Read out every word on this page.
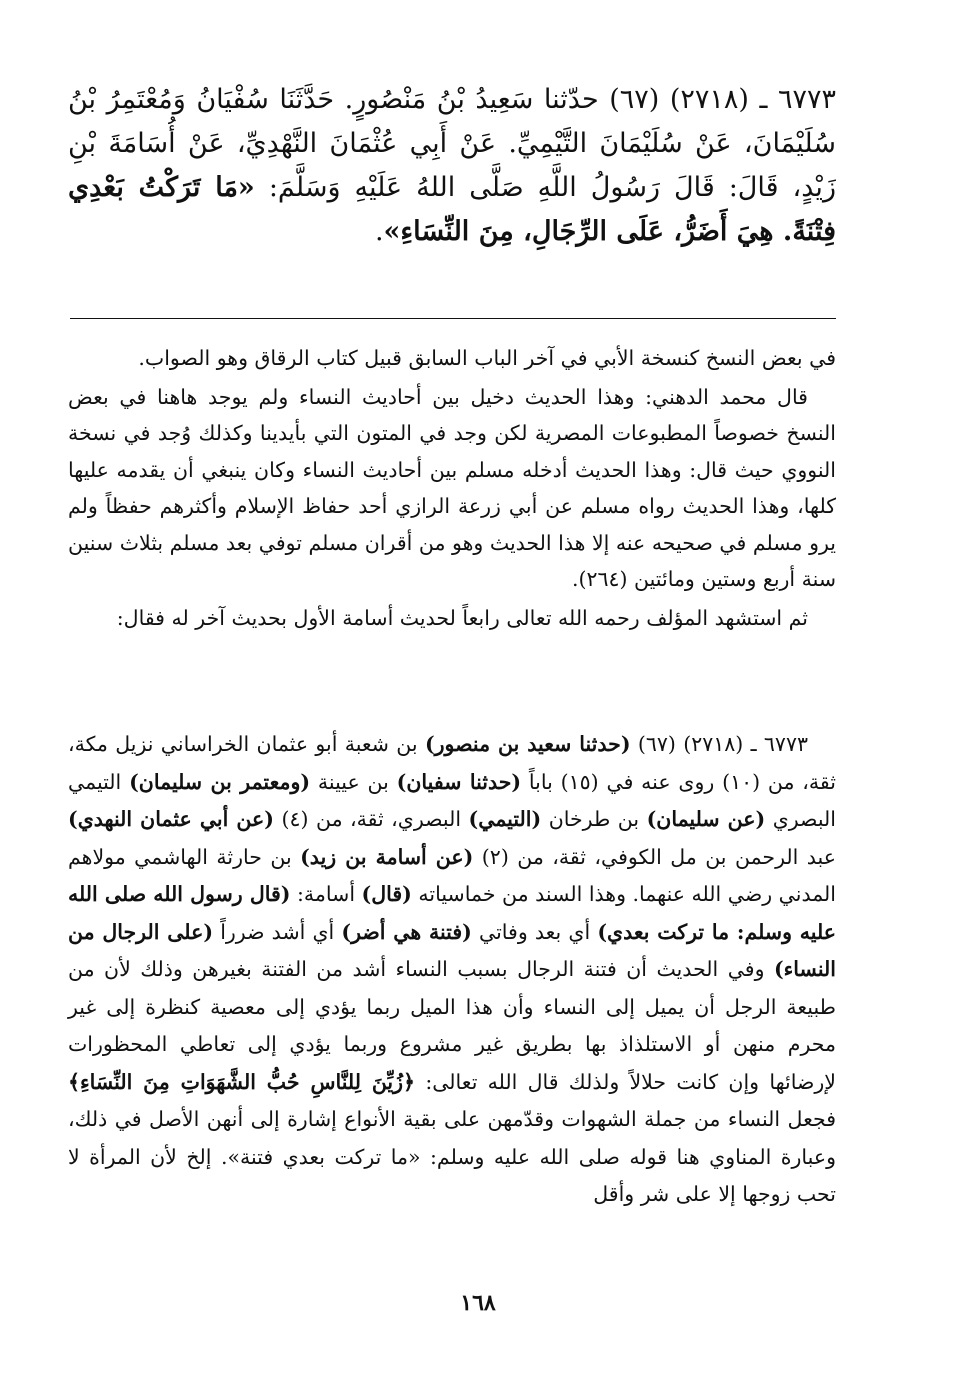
٦٧٧٣ ـ (٢٧١٨) (٦٧) حدّثنا سَعِيدُ بْنُ مَنْصُورٍ. حَدَّثَنَا سُفْيَانُ وَمُعْتَمِرُ بْنُ سُلَيْمَانَ، عَنْ سُلَيْمَانَ التَّيْمِيِّ. عَنْ أَبِي عُثْمَانَ النَّهْدِيِّ، عَنْ أُسَامَةَ بْنِ زَيْدٍ، قَالَ: قَالَ رَسُولُ اللَّهِ صَلَّى اللهُ عَلَيْهِ وَسَلَّمَ: «مَا تَرَكْتُ بَعْدِي فِتْنَةً. هِيَ أَضَرُّ، عَلَى الرِّجَالِ، مِنَ النِّسَاءِ».

في بعض النسخ كنسخة الأبي في آخر الباب السابق قبيل كتاب الرقاق وهو الصواب.

قال محمد الدهني: وهذا الحديث دخيل بين أحاديث النساء ولم يوجد هاهنا في بعض النسخ خصوصاً المطبوعات المصرية لكن وجد في المتون التي بأيدينا وكذلك وُجد في نسخة النووي حيث قال: وهذا الحديث أدخله مسلم بين أحاديث النساء وكان ينبغي أن يقدمه عليها كلها، وهذا الحديث رواه مسلم عن أبي زرعة الرازي أحد حفاظ الإسلام وأكثرهم حفظاً ولم يرو مسلم في صحيحه عنه إلا هذا الحديث وهو من أقران مسلم توفي بعد مسلم بثلاث سنين سنة أربع وستين ومائتين (٢٦٤).

ثم استشهد المؤلف رحمه الله تعالى رابعاً لحديث أسامة الأول بحديث آخر له فقال:

٦٧٧٣ ـ (٢٧١٨) (٦٧) (حدثنا سعيد بن منصور) بن شعبة أبو عثمان الخراساني نزيل مكة، ثقة، من (١٠) روى عنه في (١٥) باباً (حدثنا سفيان) بن عيينة (ومعتمر بن سليمان) التيمي البصري (عن سليمان) بن طرخان (التيمي) البصري، ثقة، من (٤) (عن أبي عثمان النهدي) عبد الرحمن بن مل الكوفي، ثقة، من (٢) (عن أسامة بن زيد) بن حارثة الهاشمي مولاهم المدني رضي الله عنهما. وهذا السند من خماسياته (قال) أسامة: (قال رسول الله صلى الله عليه وسلم: ما تركت بعدي) أي بعد وفاتي (فتنة هي أضر) أي أشد ضرراً (على الرجال من النساء) وفي الحديث أن فتنة الرجال بسبب النساء أشد من الفتنة بغيرهن وذلك لأن من طبيعة الرجل أن يميل إلى النساء وأن هذا الميل ربما يؤدي إلى معصية كنظرة إلى غير محرم منهن أو الاستلذاذ بها بطريق غير مشروع وربما يؤدي إلى تعاطي المحظورات لإرضائها وإن كانت حلالاً ولذلك قال الله تعالى: ﴿زُيِّنَ لِلنَّاسِ حُبُّ الشَّهَوَاتِ مِنَ النِّسَاءِ﴾ فجعل النساء من جملة الشهوات وقدّمهن على بقية الأنواع إشارة إلى أنهن الأصل في ذلك، وعبارة المناوي هنا قوله صلى الله عليه وسلم: «ما تركت بعدي فتنة». إلخ لأن المرأة لا تحب زوجها إلا على شر وأقل

١٦٨
